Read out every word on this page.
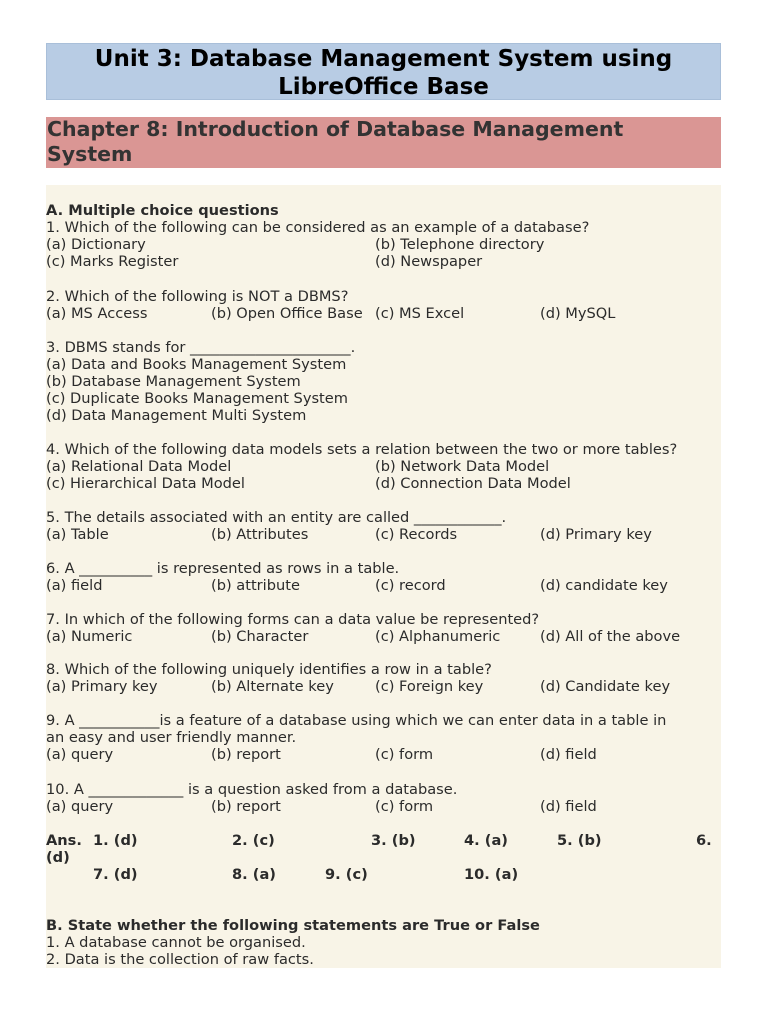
Unit 3: Database Management System using
LibreOffice Base
Chapter 8: Introduction of Database Management
System
A. Multiple choice questions
1. Which of the following can be considered as an example of a database?
(a) Dictionary	(b) Telephone directory
(c) Marks Register	(d) Newspaper
2. Which of the following is NOT a DBMS?
(a) MS Access	(b) Open Office Base (c) MS Excel	(d) MySQL
3. DBMS stands for ______________________.
(a) Data and Books Management System
(b) Database Management System
(c) Duplicate Books Management System
(d) Data Management Multi System
4. Which of the following data models sets a relation between the two or more tables?
(a) Relational Data Model	(b) Network Data Model
(c) Hierarchical Data Model	(d) Connection Data Model
5. The details associated with an entity are called ____________.
(a) Table	(b) Attributes	(c) Records	(d) Primary key
6. A __________ is represented as rows in a table.
(a) field	(b) attribute	(c) record	(d) candidate key
7. In which of the following forms can a data value be represented?
(a) Numeric	(b) Character	(c) Alphanumeric	(d) All of the above
8. Which of the following uniquely identifies a row in a table?
(a) Primary key	(b) Alternate key	(c) Foreign key	(d) Candidate key
9. A ___________is a feature of a database using which we can enter data in a table in
an easy and user friendly manner.
(a) query	(b) report	(c) form	(d) field
10. A _____________ is a question asked from a database.
(a) query	(b) report	(c) form	(d) field
Ans. 1. (d)	2. (c)	3. (b)	4. (a)	5. (b)	6.
(d)
7. (d)	8. (a)	9. (c)	10. (a)
B. State whether the following statements are True or False
1. A database cannot be organised.
2. Data is the collection of raw facts.
